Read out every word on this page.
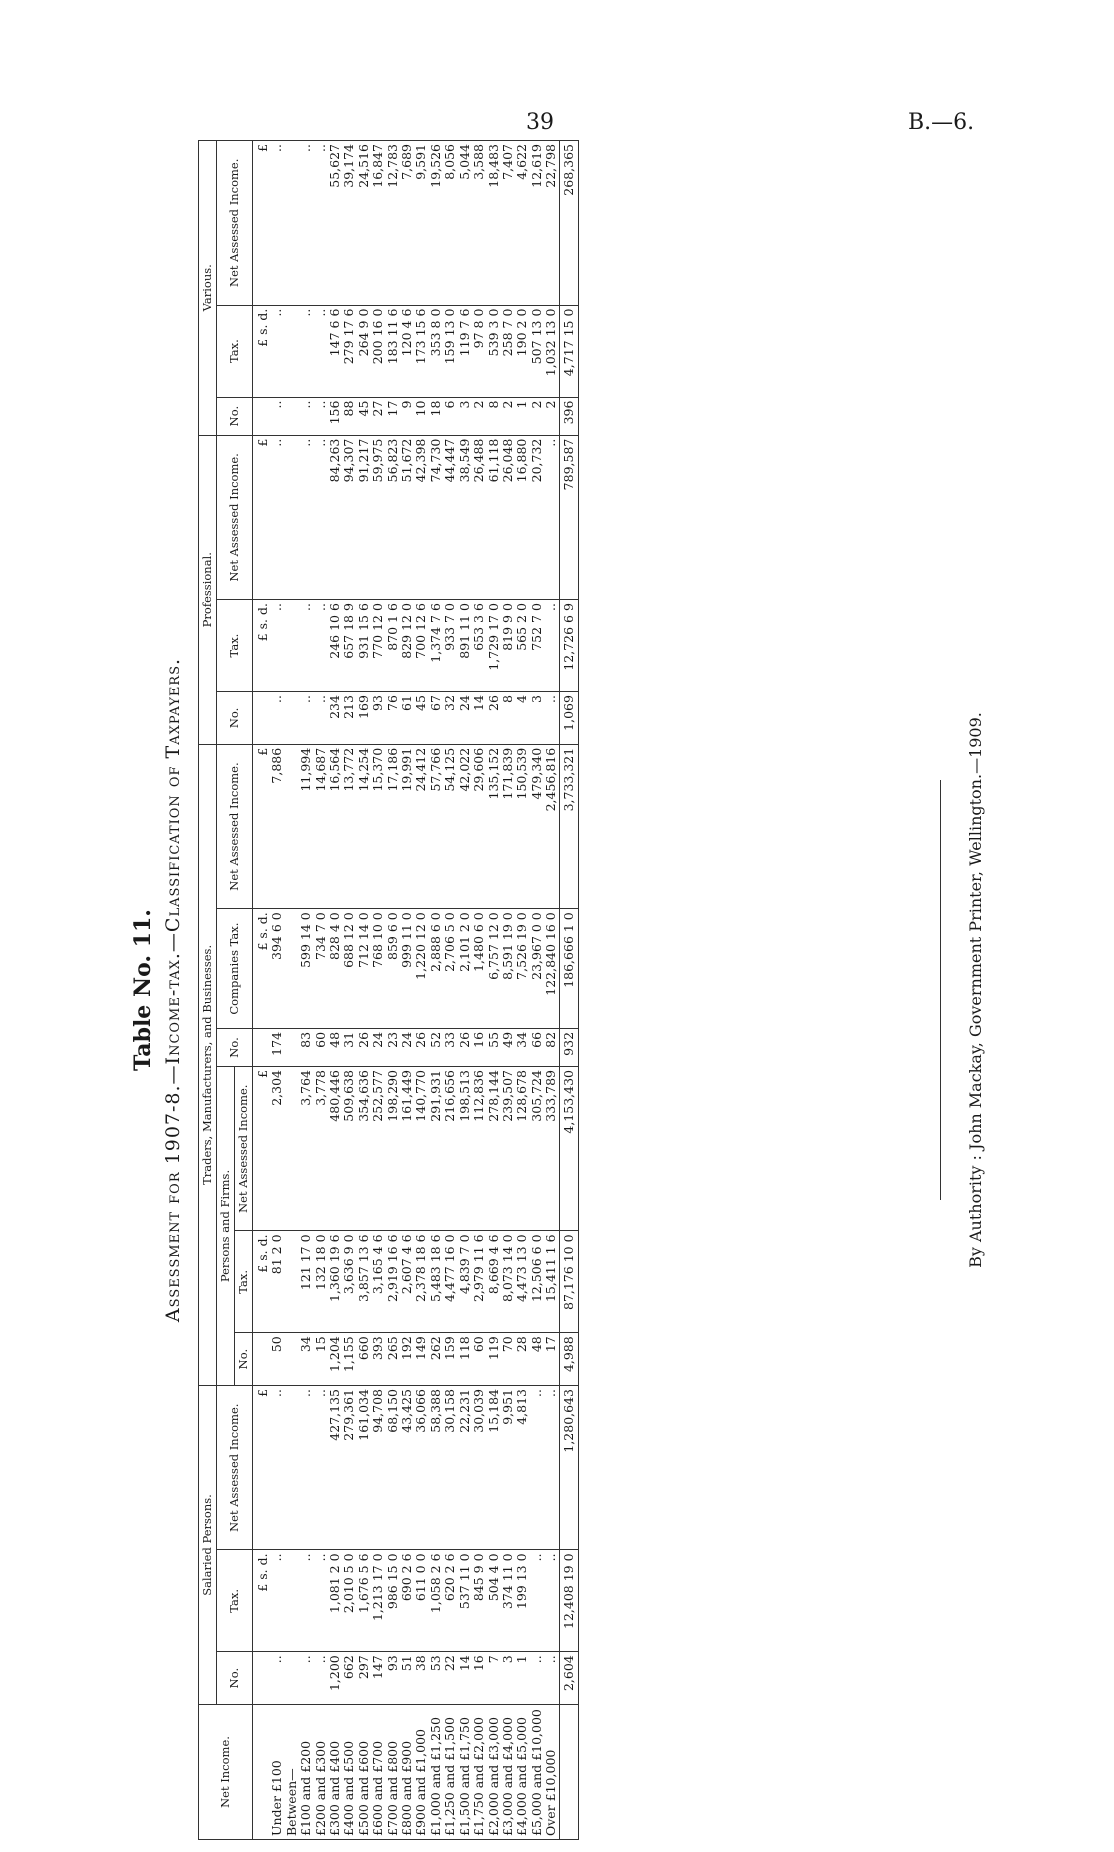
39	B.—6.
Table No. 11. Assessment for 1907-8.—Income-tax.—Classification of Taxpayers.
Net Income.	Salaried Persons.			Traders, Manufacturers, and Businesses.						Professional.			Various.		
	No.	Tax.	Net Assessed Income.	Persons and Firms.			No.	Companies Tax.	Net Assessed Income.	No.	Tax.	Net Assessed Income.	No.	Tax.	Net Assessed Income.
				No.	Tax.	Net Assessed Income.									
		£ s. d.	£		£ s. d.	£		£ s. d.	£		£ s. d.	£		£ s. d.	£
Under £100	..	..	..	50	81 2 0	2,304	174	394 6 0	7,886	..	..	..	..	..	..
Between—															
£100 and £200	..	..	..	34	121 17 0	3,764	83	599 14 0	11,994	..	..	..	..	..	..
£200 and £300	..	..	..	15	132 18 0	3,778	60	734 7 0	14,687	..	..	..	..	..	..
£300 and £400	1,200	1,081 2 0	427,135	1,204	1,360 19 6	480,446	48	828 4 0	16,564	234	246 10 6	84,263	156	147 6 6	55,627
£400 and £500	662	2,010 5 0	279,361	1,155	3,636 9 0	509,638	31	688 12 0	13,772	213	657 18 9	94,307	88	279 17 6	39,174
£500 and £600	297	1,676 5 6	161,034	660	3,857 13 6	354,636	26	712 14 0	14,254	169	931 15 6	91,217	45	264 9 0	24,516
£600 and £700	147	1,213 17 0	94,708	393	3,165 4 6	252,577	24	768 10 0	15,370	93	770 12 0	59,975	27	200 16 0	16,847
£700 and £800	93	986 15 0	68,150	265	2,919 16 6	198,290	23	859 6 0	17,186	76	870 1 6	56,823	17	183 11 6	12,783
£800 and £900	51	690 2 6	43,425	192	2,607 4 6	161,449	24	999 11 0	19,991	61	829 12 0	51,672	9	120 4 6	7,689
£900 and £1,000	38	611 0 0	36,066	149	2,378 18 6	140,770	26	1,220 12 0	24,412	45	700 12 6	42,398	10	173 15 6	9,591
£1,000 and £1,250	53	1,058 2 6	58,388	262	5,483 18 6	291,931	52	2,888 6 0	57,766	67	1,374 7 6	74,730	18	353 8 0	19,526
£1,250 and £1,500	22	620 2 6	30,158	159	4,477 16 0	216,656	33	2,706 5 0	54,125	32	933 7 0	44,447	6	159 13 0	8,056
£1,500 and £1,750	14	537 11 0	22,231	118	4,839 7 0	198,513	26	2,101 2 0	42,022	24	891 11 0	38,549	3	119 7 6	5,044
£1,750 and £2,000	16	845 9 0	30,039	60	2,979 11 6	112,836	16	1,480 6 0	29,606	14	653 3 6	26,488	2	97 8 0	3,588
£2,000 and £3,000	7	504 4 0	15,184	119	8,669 4 6	278,144	55	6,757 12 0	135,152	26	1,729 17 0	61,118	8	539 3 0	18,483
£3,000 and £4,000	3	374 11 0	9,951	70	8,073 14 0	239,507	49	8,591 19 0	171,839	8	819 9 0	26,048	2	258 7 0	7,407
£4,000 and £5,000	1	199 13 0	4,813	28	4,473 13 0	128,678	34	7,526 19 0	150,539	4	565 2 0	16,880	1	190 2 0	4,622
£5,000 and £10,000	..	..	..	48	12,506 6 0	305,724	66	23,967 0 0	479,340	3	752 7 0	20,732	2	507 13 0	12,619
Over £10,000	..	..	..	17	15,411 1 6	333,789	82	122,840 16 0	2,456,816	..	..	..	2	1,032 13 0	22,798
	2,604	12,408 19 0	1,280,643	4,988	87,176 10 0	4,153,430	932	186,666 1 0	3,733,321	1,069	12,726 6 9	789,587	396	4,717 15 0	268,365
By Authority : John Mackay, Government Printer, Wellington.—1909.
